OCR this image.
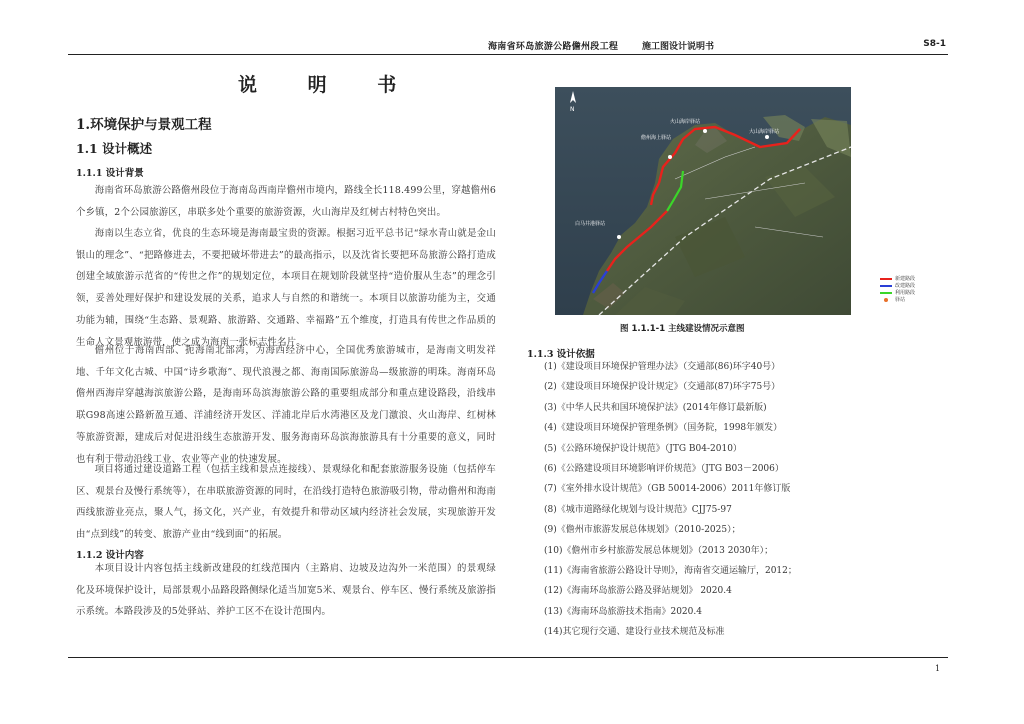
海南省环岛旅游公路儋州段工程	施工图设计说明书	S8-1
说 明 书
1.环境保护与景观工程
1.1 设计概述
1.1.1 设计背景
海南省环岛旅游公路儋州段位于海南岛西南岸儋州市境内，路线全长118.499公里，穿越儋州6个乡镇，2个公园旅游区，串联多处个重要的旅游资源，火山海岸及红树古村特色突出。
海南以生态立省，优良的生态环境是海南最宝贵的资源。根据习近平总书记“绿水青山就是金山银山的理念”、“把路修进去，不要把破坏带进去”的最高指示，以及沈省长要把环岛旅游公路打造成创建全域旅游示范省的“传世之作”的规划定位，本项目在规划阶段就坚持“造价服从生态”的理念引领，妥善处理好保护和建设发展的关系，追求人与自然的和谐统一。本项目以旅游功能为主，交通功能为辅，围绕“生态路、景观路、旅游路、交通路、幸福路”五个维度，打造具有传世之作品质的生命人文景观旅游带，使之成为海南一张标志性名片。
儋州位于海南西部、扼海南北部湾，为海西经济中心，全国优秀旅游城市，是海南文明发祥地、千年文化古城、中国“诗乡歌海”、现代浪漫之都、海南国际旅游岛—级旅游的明珠。海南环岛儋州西海岸穿越海滨旅游公路，是海南环岛滨海旅游公路的重要组成部分和重点建设路段，沿线串联G98高速公路新盈互通、洋浦经济开发区、洋浦北岸后水湾港区及龙门激浪、火山海岸、红树林等旅游资源，建成后对促进沿线生态旅游开发、服务海南环岛滨海旅游具有十分重要的意义，同时也有利于带动沿线工业、农业等产业的快速发展。
项目将通过建设道路工程（包括主线和景点连接线）、景观绿化和配套旅游服务设施（包括停车区、观景台及慢行系统等），在串联旅游资源的同时，在沿线打造特色旅游吸引物，带动儋州和海南西线旅游业亮点，聚人气，扬文化，兴产业，有效提升和带动区域内经济社会发展，实现旅游开发由“点到线”的转变、旅游产业由“线到面”的拓展。
1.1.2 设计内容
本项目设计内容包括主线新改建段的红线范围内（主路肩、边坡及边沟外一米范围）的景观绿化及环境保护设计，局部景观小品路段路侧绿化适当加宽5米、观景台、停车区、慢行系统及旅游指示系统。本路段涉及的5处驿站、养护工区不在设计范围内。
火山海岸驿站
儋州海上驿站
大山海岸驿站
白马井港驿站
N
图 1.1.1-1 主线建设情况示意图
新建路段
改建路段
利用路段
驿站
1.1.3 设计依据
(1)《建设项目环境保护管理办法》（交通部(86)环字40号）
(2)《建设项目环境保护设计规定》（交通部(87)环字75号）
(3)《中华人民共和国环境保护法》(2014年修订最新版)
(4)《建设项目环境保护管理条例》（国务院，1998年颁发）
(5)《公路环境保护设计规范》（JTG B04-2010）
(6)《公路建设项目环境影响评价规范》（JTG B03－2006）
(7)《室外排水设计规范》（GB 50014-2006）2011年修订版
(8)《城市道路绿化规划与设计规范》CJJ75-97
(9)《儋州市旅游发展总体规划》（2010-2025）；
(10)《儋州市乡村旅游发展总体规划》（2013 2030年）；
(11)《海南省旅游公路设计导则》，海南省交通运输厅，2012；
(12)《海南环岛旅游公路及驿站规划》 2020.4
(13)《海南环岛旅游技术指南》2020.4
(14)其它现行交通、建设行业技术规范及标准
1
